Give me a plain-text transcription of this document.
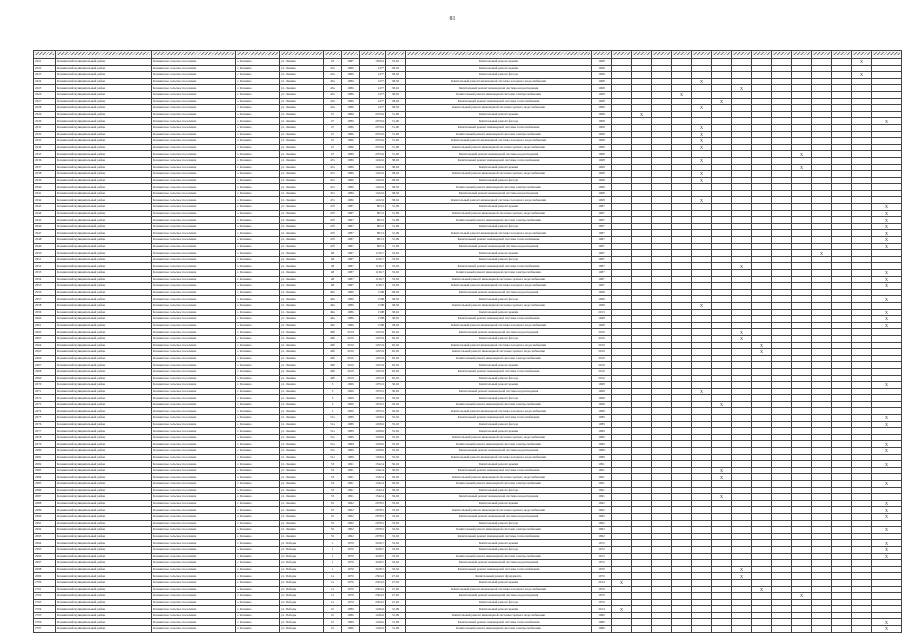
81

2621	Кочкинский муниципальный район	Кочкинское сельское поселение	с. Кочкино	ул. Ленина	43	1987	1658,4	53,62	Капитальный ремонт крыши	1968													X	
2622	Кочкинский муниципальный район	Кочкинское сельское поселение	с. Кочкино	ул. Ленина	43а	1986	1477	38,02	Капитальный ремонт крыши	1968														
2623	Кочкинский муниципальный район	Кочкинское сельское поселение	с. Кочкино	ул. Ленина	43а	1986	1477	38,02	Капитальный ремонт фасада	1968													X	
2624	Кочкинский муниципальный район	Кочкинское сельское поселение	с. Кочкино	ул. Ленина	43а	1986	1477	38,02	Капитальный ремонт инженерной системы холодного водоснабжения	1968					X									
2625	Кочкинский муниципальный район	Кочкинское сельское поселение	с. Кочкино	ул. Ленина	43а	1986	1477	38,02	Капитальный ремонт инженерной системы водоотведения	1968							X							
2626	Кочкинский муниципальный район	Кочкинское сельское поселение	с. Кочкино	ул. Ленина	43а	1986	1477	38,02	Капитальный ремонт инженерной системы электроснабжения	1968				X										
2627	Кочкинский муниципальный район	Кочкинское сельское поселение	с. Кочкино	ул. Ленина	43а	1986	1477	38,02	Капитальный ремонт инженерной системы теплоснабжения	1968						X								
2628	Кочкинский муниципальный район	Кочкинское сельское поселение	с. Кочкино	ул. Ленина	43а	1986	1477	38,02	Капитальный ремонт инженерной системы горячего водоснабжения	1968					X									
2629	Кочкинский муниципальный район	Кочкинское сельское поселение	с. Кочкино	ул. Ленина	47	1986	2070,6	51,00	Капитальный ремонт крыши	1968		X												
2630	Кочкинский муниципальный район	Кочкинское сельское поселение	с. Кочкино	ул. Ленина	47	1986	2070,6	51,00	Капитальный ремонт фасада	1968														X
2631	Кочкинский муниципальный район	Кочкинское сельское поселение	с. Кочкино	ул. Ленина	47	1986	2070,6	51,00	Капитальный ремонт инженерной системы теплоснабжения	1968					X									
2632	Кочкинский муниципальный район	Кочкинское сельское поселение	с. Кочкино	ул. Ленина	47	1986	2070,6	51,00	Капитальный ремонт инженерной системы электроснабжения	1968					X									
2633	Кочкинский муниципальный район	Кочкинское сельское поселение	с. Кочкино	ул. Ленина	47	1986	2070,6	51,00	Капитальный ремонт инженерной системы холодного водоснабжения	1968					X									
2634	Кочкинский муниципальный район	Кочкинское сельское поселение	с. Кочкино	ул. Ленина	47	1986	2070,6	51,00	Капитальный ремонт инженерной системы горячего водоснабжения	1968					X									
2635	Кочкинский муниципальный район	Кочкинское сельское поселение	с. Кочкино	ул. Ленина	47	1986	2070,6	51,00	Капитальный ремонт инженерной системы водоотведения	1968										X				
2636	Кочкинский муниципальный район	Кочкинское сельское поселение	с. Кочкино	ул. Ленина	47а	1986	1432,6	38,02	Капитальный ремонт инженерной системы теплоснабжения	1968					X									
2637	Кочкинский муниципальный район	Кочкинское сельское поселение	с. Кочкино	ул. Ленина	47а	1986	1432,6	38,02	Капитальный ремонт крыши	1968										X				
2638	Кочкинский муниципальный район	Кочкинское сельское поселение	с. Кочкино	ул. Ленина	47а	1986	1432,6	38,02	Капитальный ремонт инженерной системы горячего водоснабжения	1968					X									
2639	Кочкинский муниципальный район	Кочкинское сельское поселение	с. Кочкино	ул. Ленина	47а	1986	1432,6	38,02	Капитальный ремонт фасада	1968					X									
2640	Кочкинский муниципальный район	Кочкинское сельское поселение	с. Кочкино	ул. Ленина	47а	1986	1432,6	38,02	Капитальный ремонт инженерной системы электроснабжения	1968														
2641	Кочкинский муниципальный район	Кочкинское сельское поселение	с. Кочкино	ул. Ленина	47а	1986	1432,6	38,02	Капитальный ремонт инженерной системы водоотведения	1968														
2642	Кочкинский муниципальный район	Кочкинское сельское поселение	с. Кочкино	ул. Ленина	47а	1986	1432,6	38,02	Капитальный ремонт инженерной системы холодного водоснабжения	1968					X									
2643	Кочкинский муниципальный район	Кочкинское сельское поселение	с. Кочкино	ул. Ленина	47б	1987	803,3	31,09	Капитальный ремонт крыши	1987														X
2644	Кочкинский муниципальный район	Кочкинское сельское поселение	с. Кочкино	ул. Ленина	47б	1987	803,3	31,09	Капитальный ремонт инженерной системы горячего водоснабжения	1987														X
2645	Кочкинский муниципальный район	Кочкинское сельское поселение	с. Кочкино	ул. Ленина	47б	1987	803,3	31,09	Капитальный ремонт инженерной системы электроснабжения	1987														X
2646	Кочкинский муниципальный район	Кочкинское сельское поселение	с. Кочкино	ул. Ленина	47б	1987	803,3	31,09	Капитальный ремонт фасада	1987														X
2647	Кочкинский муниципальный район	Кочкинское сельское поселение	с. Кочкино	ул. Ленина	47б	1987	803,3	31,09	Капитальный ремонт инженерной системы холодного водоснабжения	1987														X
2648	Кочкинский муниципальный район	Кочкинское сельское поселение	с. Кочкино	ул. Ленина	47б	1987	803,3	31,09	Капитальный ремонт инженерной системы теплоснабжения	1987														X
2649	Кочкинский муниципальный район	Кочкинское сельское поселение	с. Кочкино	ул. Ленина	47б	1987	803,3	31,09	Капитальный ремонт инженерной системы водоотведения	1987														X
2650	Кочкинский муниципальный район	Кочкинское сельское поселение	с. Кочкино	ул. Ленина	48	1987	1136,7	33,02	Капитальный ремонт крыши	1987											X			
2651	Кочкинский муниципальный район	Кочкинское сельское поселение	с. Кочкино	ул. Ленина	48	1987	1136,7	33,02	Капитальный ремонт фасада	1987														
2652	Кочкинский муниципальный район	Кочкинское сельское поселение	с. Кочкино	ул. Ленина	48	1987	1136,7	33,02	Капитальный ремонт инженерной системы теплоснабжения	1987							X							
2653	Кочкинский муниципальный район	Кочкинское сельское поселение	с. Кочкино	ул. Ленина	48	1987	1136,7	33,02	Капитальный ремонт инженерной системы электроснабжения	1987														X
2654	Кочкинский муниципальный район	Кочкинское сельское поселение	с. Кочкино	ул. Ленина	48	1987	1136,7	33,02	Капитальный ремонт инженерной системы горячего водоснабжения	1987														X
2655	Кочкинский муниципальный район	Кочкинское сельское поселение	с. Кочкино	ул. Ленина	48	1987	1136,7	33,02	Капитальный ремонт инженерной системы холодного водоснабжения	1987														X
2656	Кочкинский муниципальный район	Кочкинское сельское поселение	с. Кочкино	ул. Ленина	49а	1986	1508	38,02	Капитальный ремонт инженерной системы водоотведения	1968														
2657	Кочкинский муниципальный район	Кочкинское сельское поселение	с. Кочкино	ул. Ленина	49а	1986	1508	38,02	Капитальный ремонт фасада	1968														X
2658	Кочкинский муниципальный район	Кочкинское сельское поселение	с. Кочкино	ул. Ленина	49а	1986	1508	38,02	Капитальный ремонт инженерной системы горячего водоснабжения	1968					X									
2659	Кочкинский муниципальный район	Кочкинское сельское поселение	с. Кочкино	ул. Ленина	49а	1986	1508	38,02	Капитальный ремонт крыши	2013														X
2660	Кочкинский муниципальный район	Кочкинское сельское поселение	с. Кочкино	ул. Ленина	49а	1986	1508	38,02	Капитальный ремонт инженерной системы теплоснабжения	1968														X
2661	Кочкинский муниципальный район	Кочкинское сельское поселение	с. Кочкино	ул. Ленина	49а	1986	1508	38,02	Капитальный ремонт инженерной системы холодного водоснабжения	1968														X
2662	Кочкинский муниципальный район	Кочкинское сельское поселение	с. Кочкино	ул. Ленина	49б	2010	1455,9	65,02	Капитальный ремонт инженерной системы водоотведения	2010							X							
2663	Кочкинский муниципальный район	Кочкинское сельское поселение	с. Кочкино	ул. Ленина	49б	2010	1455,9	65,02	Капитальный ремонт фасада	2010							X							
2664	Кочкинский муниципальный район	Кочкинское сельское поселение	с. Кочкино	ул. Ленина	49б	2010	1455,9	65,02	Капитальный ремонт инженерной системы холодного водоснабжения	2010								X						
2665	Кочкинский муниципальный район	Кочкинское сельское поселение	с. Кочкино	ул. Ленина	49б	2010	1455,9	65,02	Капитальный ремонт инженерной системы горячего водоснабжения	2010								X						
2666	Кочкинский муниципальный район	Кочкинское сельское поселение	с. Кочкино	ул. Ленина	49б	2010	1455,9	65,02	Капитальный ремонт инженерной системы электроснабжения	2010														
2667	Кочкинский муниципальный район	Кочкинское сельское поселение	с. Кочкино	ул. Ленина	49б	2010	1455,9	65,02	Капитальный ремонт крыши	2010														
2668	Кочкинский муниципальный район	Кочкинское сельское поселение	с. Кочкино	ул. Ленина	49б	2010	1455,9	65,02	Капитальный ремонт инженерной системы теплоснабжения	2010														
2669	Кочкинский муниципальный район	Кочкинское сельское поселение	с. Кочкино	ул. Ленина	49б	2010	1455,9	65,02	Капитальный ремонт фасада	2010														
2670	Кочкинский муниципальный район	Кочкинское сельское поселение	с. Кочкино	ул. Ленина	5	1966	1070,2	30,02	Капитальный ремонт крыши	1968														X
2671	Кочкинский муниципальный район	Кочкинское сельское поселение	с. Кочкино	ул. Ленина	5	1966	1070,2	30,02	Капитальный ремонт инженерной системы водоотведения	1968					X									
2672	Кочкинский муниципальный район	Кочкинское сельское поселение	с. Кочкино	ул. Ленина	5	1966	1070,2	30,02	Капитальный ремонт фасада	1968														
2673	Кочкинский муниципальный район	Кочкинское сельское поселение	с. Кочкино	ул. Ленина	5	1966	1070,2	30,02	Капитальный ремонт инженерной системы электроснабжения	1968						X								
2674	Кочкинский муниципальный район	Кочкинское сельское поселение	с. Кочкино	ул. Ленина	5	1966	1070,2	30,02	Капитальный ремонт инженерной системы холодного водоснабжения	1968														
2675	Кочкинский муниципальный район	Кочкинское сельское поселение	с. Кочкино	ул. Ленина	51а	1989	1458,6	35,02	Капитальный ремонт инженерной системы теплоснабжения	1989														X
2676	Кочкинский муниципальный район	Кочкинское сельское поселение	с. Кочкино	ул. Ленина	51а	1989	1458,6	35,02	Капитальный ремонт фасада	1989														X
2677	Кочкинский муниципальный район	Кочкинское сельское поселение	с. Кочкино	ул. Ленина	51а	1989	1458,6	35,02	Капитальный ремонт крыши	1989														
2678	Кочкинский муниципальный район	Кочкинское сельское поселение	с. Кочкино	ул. Ленина	51а	1989	1458,6	35,02	Капитальный ремонт инженерной системы горячего водоснабжения	1989														
2679	Кочкинский муниципальный район	Кочкинское сельское поселение	с. Кочкино	ул. Ленина	51а	1989	1458,6	35,02	Капитальный ремонт инженерной системы электроснабжения	1989														X
2680	Кочкинский муниципальный район	Кочкинское сельское поселение	с. Кочкино	ул. Ленина	51а	1989	1458,6	35,02	Капитальный ремонт инженерной системы водоотведения	1989														X
2681	Кочкинский муниципальный район	Кочкинское сельское поселение	с. Кочкино	ул. Ленина	51а	1989	1458,6	35,02	Капитальный ремонт инженерной системы холодного водоснабжения	1989														
2682	Кочкинский муниципальный район	Кочкинское сельское поселение	с. Кочкино	ул. Ленина	53	1991	1542,4	30,02	Капитальный ремонт крыши	1991														X
2683	Кочкинский муниципальный район	Кочкинское сельское поселение	с. Кочкино	ул. Ленина	53	1991	1542,4	30,02	Капитальный ремонт инженерной системы теплоснабжения	1991						X								
2684	Кочкинский муниципальный район	Кочкинское сельское поселение	с. Кочкино	ул. Ленина	53	1991	1542,4	30,02	Капитальный ремонт инженерной системы горячего водоснабжения	1991						X								
2685	Кочкинский муниципальный район	Кочкинское сельское поселение	с. Кочкино	ул. Ленина	53	1991	1542,4	30,02	Капитальный ремонт инженерной системы электроснабжения	1991														X
2686	Кочкинский муниципальный район	Кочкинское сельское поселение	с. Кочкино	ул. Ленина	53	1991	1542,4	30,02	Капитальный ремонт фасада	1991														
2687	Кочкинский муниципальный район	Кочкинское сельское поселение	с. Кочкино	ул. Ленина	53	1991	1542,4	30,02	Капитальный ремонт инженерной системы водоотведения	1991						X								
2688	Кочкинский муниципальный район	Кочкинское сельское поселение	с. Кочкино	ул. Ленина	55	1992	2078,5	33,02	Капитальный ремонт крыши	1992														X
2689	Кочкинский муниципальный район	Кочкинское сельское поселение	с. Кочкино	ул. Ленина	55	1992	2078,5	33,02	Капитальный ремонт инженерной системы горячего водоснабжения	1992														X
2690	Кочкинский муниципальный район	Кочкинское сельское поселение	с. Кочкино	ул. Ленина	55	1992	2078,5	33,02	Капитальный ремонт инженерной системы водоотведения	1992														X
2691	Кочкинский муниципальный район	Кочкинское сельское поселение	с. Кочкино	ул. Ленина	55	1992	2078,5	33,02	Капитальный ремонт фасада	1992														
2692	Кочкинский муниципальный район	Кочкинское сельское поселение	с. Кочкино	ул. Ленина	55	1992	2078,5	33,02	Капитальный ремонт инженерной системы электроснабжения	1992														X
2693	Кочкинский муниципальный район	Кочкинское сельское поселение	с. Кочкино	ул. Ленина	55	1992	2078,5	33,02	Капитальный ремонт инженерной системы теплоснабжения	1992														
2694	Кочкинский муниципальный район	Кочкинское сельское поселение	с. Кочкино	ул. Победы	1	1970	3168,7	33,02	Капитальный ремонт крыши	1972														X
2695	Кочкинский муниципальный район	Кочкинское сельское поселение	с. Кочкино	ул. Победы	1	1970	3168,7	33,02	Капитальный ремонт фасада	1972														X
2696	Кочкинский муниципальный район	Кочкинское сельское поселение	с. Кочкино	ул. Победы	1	1970	3168,7	33,02	Капитальный ремонт инженерной системы электроснабжения	1972														X
2697	Кочкинский муниципальный район	Кочкинское сельское поселение	с. Кочкино	ул. Победы	1	1970	3168,7	33,02	Капитальный ремонт инженерной системы водоотведения	1972														
2698	Кочкинский муниципальный район	Кочкинское сельское поселение	с. Кочкино	ул. Победы	1	1970	3168,7	33,02	Капитальный ремонт инженерной системы теплоснабжения	1970							X							
2699	Кочкинский муниципальный район	Кочкинское сельское поселение	с. Кочкино	ул. Победы	1а	1970	2504,2	27,02	Капитальный ремонт фундамента	1970							X							
2700	Кочкинский муниципальный район	Кочкинское сельское поселение	с. Кочкино	ул. Победы	1а	1970	2504,2	27,02	Капитальный ремонт крыши	2014	X													
2701	Кочкинский муниципальный район	Кочкинское сельское поселение	с. Кочкино	ул. Победы	1а	1970	2504,2	27,02	Капитальный ремонт инженерной системы холодного водоснабжения	1970								X						
2702	Кочкинский муниципальный район	Кочкинское сельское поселение	с. Кочкино	ул. Победы	1а	1970	2504,2	27,02	Капитальный ремонт инженерной системы водоотведения	1970										X				
2703	Кочкинский муниципальный район	Кочкинское сельское поселение	с. Кочкино	ул. Победы	1а	1970	2504,2	27,02	Капитальный ремонт фасада	1970														
2704	Кочкинский муниципальный район	Кочкинское сельское поселение	с. Кочкино	ул. Победы	1б	1986	1436,6	31,09	Капитальный ремонт крыши	2014	X													
2705	Кочкинский муниципальный район	Кочкинское сельское поселение	с. Кочкино	ул. Победы	1б	1986	1436,6	31,09	Капитальный ремонт инженерной системы горячего водоснабжения	1986														
2706	Кочкинский муниципальный район	Кочкинское сельское поселение	с. Кочкино	ул. Победы	1б	1986	1436,6	31,09	Капитальный ремонт инженерной системы теплоснабжения	1986														X
2707	Кочкинский муниципальный район	Кочкинское сельское поселение	с. Кочкино	ул. Победы	1б	1986	1436,6	31,09	Капитальный ремонт инженерной системы электроснабжения	1986														X
